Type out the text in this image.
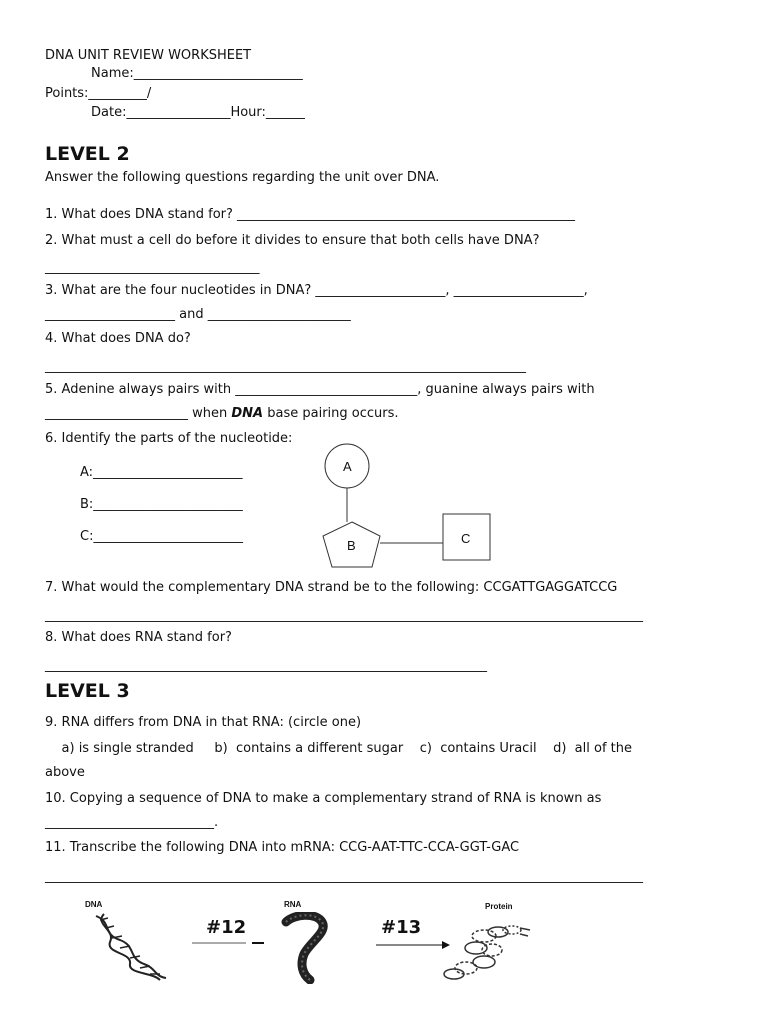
DNA UNIT REVIEW WORKSHEET
Name:__________________________
Points:_________/
Date:________________Hour:______
LEVEL 2
Answer the following questions regarding the unit over DNA.
1. What does DNA stand for? ____________________________________________________
2. What must a cell do before it divides to ensure that both cells have DNA?
_________________________________
3. What are the four nucleotides in DNA? ____________________, ____________________,
____________________ and ______________________
4. What does DNA do?
__________________________________________________________________________
5. Adenine always pairs with ____________________________, guanine always pairs with
______________________ when DNA base pairing occurs.
6. Identify the parts of the nucleotide:
A:_______________________
B:_______________________
C:_______________________
A
B	C
7. What would the complementary DNA strand be to the following: CCGATTGAGGATCCG
____________________________________________________________________________________________
8. What does RNA stand for?
____________________________________________________________________
LEVEL 3
9. RNA differs from DNA in that RNA: (circle one)
a) is single stranded     b)  contains a different sugar    c)  contains Uracil    d)  all of the
above
10. Copying a sequence of DNA to make a complementary strand of RNA is known as
__________________________.
11. Transcribe the following DNA into mRNA: CCG-AAT-TTC-CCA-GGT-GAC
____________________________________________________________________________________________
DNA	RNA	Protein
#12	#13
